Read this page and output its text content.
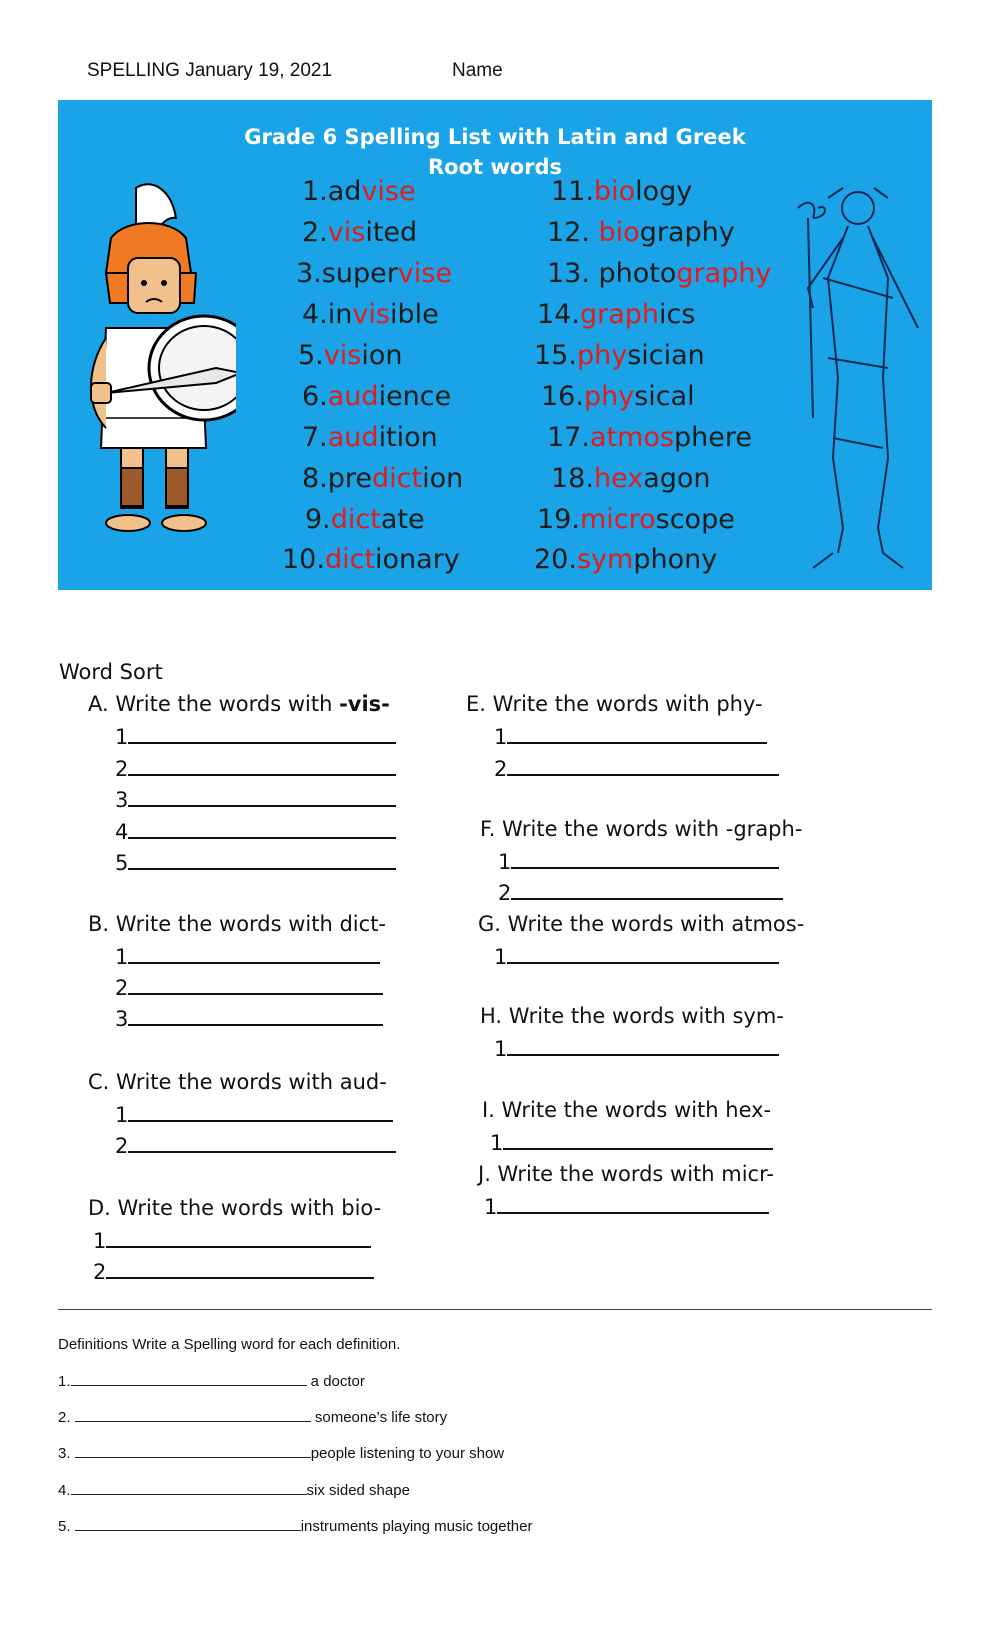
SPELLING January 19, 2021	Name
Grade 6 Spelling List with Latin and Greek
Root words
1.advise
2.visited
3.supervise
4.invisible
5.vision
6.audience
7.audition
8.prediction
9.dictate
10.dictionary
11.biology
12. biography
13. photography
14.graphics
15.physician
16.physical
17.atmosphere
18.hexagon
19.microscope
20.symphony
Word Sort
A. Write the words with -vis-
1
2
3
4
5
B. Write the words with dict-
1
2
3
C. Write the words with aud-
1
2
D. Write the words with bio-
1
2
E. Write the words with phy-
1
2
F. Write the words with -graph-
1
2
G. Write the words with atmos-
1
H. Write the words with sym-
1
I. Write the words with hex-
1
J. Write the words with micr-
1
Definitions Write a Spelling word for each definition.
1.	a doctor
2.	someone’s life story
3.	people listening to your show
4.	six sided shape
5.	instruments playing music together
